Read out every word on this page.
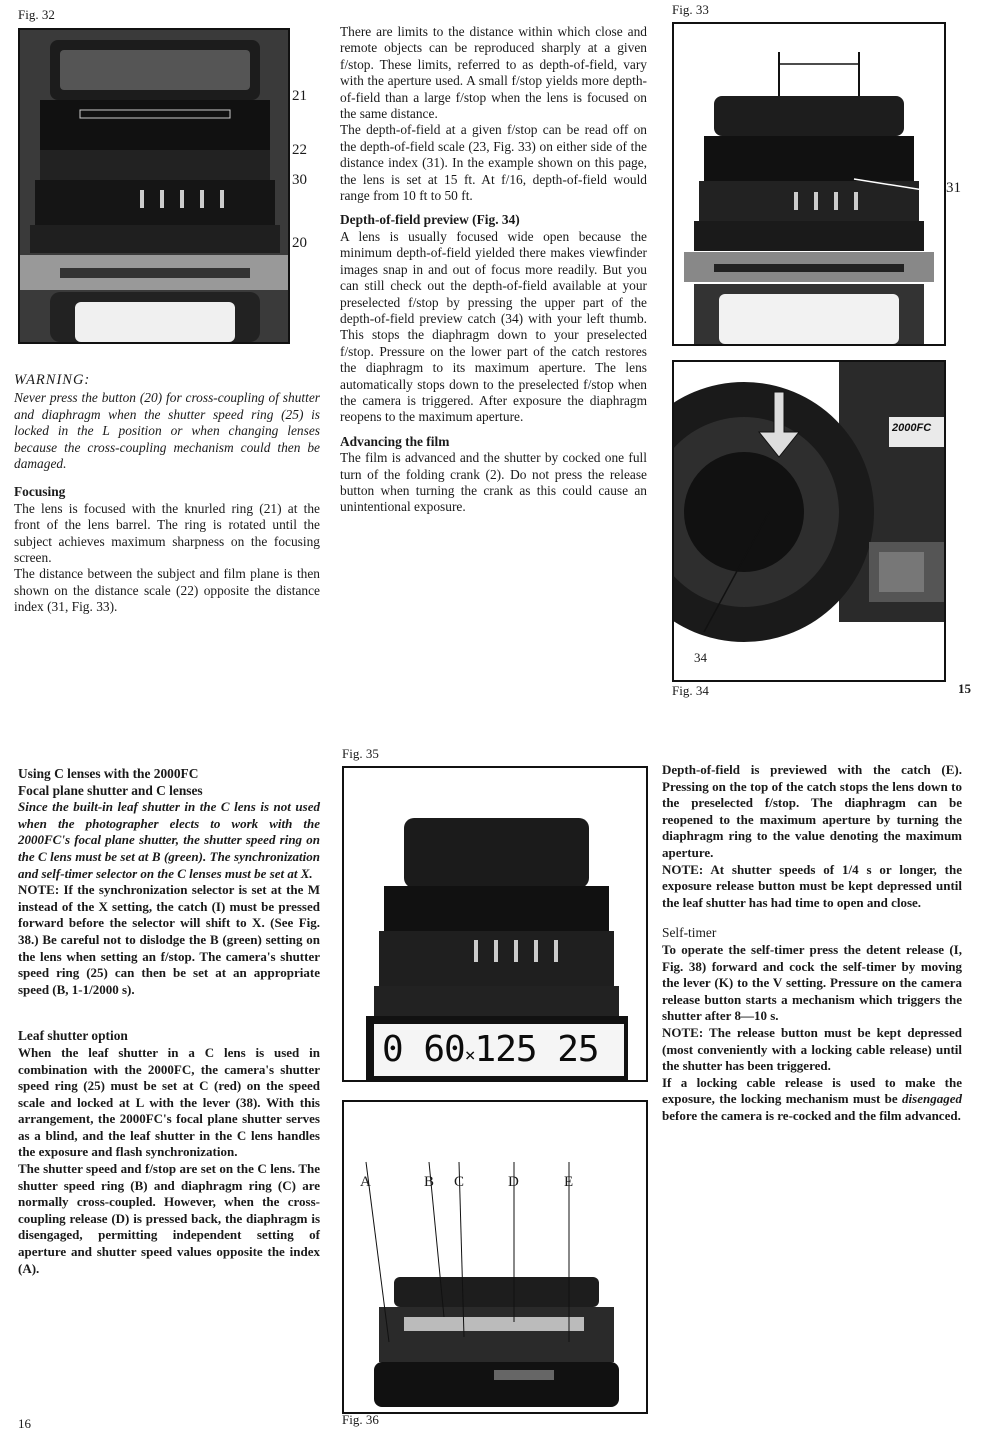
Fig. 32
21
22
30
20
WARNING:

Never press the button (20) for cross-coupling of shutter and diaphragm when the shutter speed ring (25) is locked in the L position or when changing lenses because the cross-coupling mechanism could then be damaged.

Focusing

The lens is focused with the knurled ring (21) at the front of the lens barrel. The ring is rotated until the subject achieves maximum sharpness on the focusing screen.

The distance between the subject and film plane is then shown on the distance scale (22) opposite the distance index (31, Fig. 33).

There are limits to the distance within which close and remote objects can be reproduced sharply at a given f/stop. These limits, referred to as depth-of-field, vary with the aperture used. A small f/stop yields more depth-of-field than a large f/stop when the lens is focused on the same distance.

The depth-of-field at a given f/stop can be read off on the depth-of-field scale (23, Fig. 33) on either side of the distance index (31). In the example shown on this page, the lens is set at 15 ft. At f/16, depth-of-field would range from 10 ft to 50 ft.

Depth-of-field preview (Fig. 34)

A lens is usually focused wide open because the minimum depth-of-field yielded there makes viewfinder images snap in and out of focus more readily. But you can still check out the depth-of-field available at your preselected f/stop by pressing the upper part of the depth-of-field preview catch (34) with your left thumb. This stops the diaphragm down to your preselected f/stop. Pressure on the lower part of the catch restores the diaphragm to its maximum aperture. The lens automatically stops down to the preselected f/stop when the camera is triggered. After exposure the diaphragm reopens to the maximum aperture.

Advancing the film

The film is advanced and the shutter by cocked one full turn of the folding crank (2). Do not press the release button when turning the crank as this could cause an unintentional exposure.

Fig. 33
31
2000FC
34
Fig. 34	15
Using C lenses with the 2000FC
Focal plane shutter and C lenses

Since the built-in leaf shutter in the C lens is not used when the photographer elects to work with the 2000FC's focal plane shutter, the shutter speed ring on the C lens must be set at B (green). The synchronization and self-timer selector on the C lenses must be set at X.

NOTE: If the synchronization selector is set at the M instead of the X setting, the catch (I) must be pressed forward before the selector will shift to X. (See Fig. 38.) Be careful not to dislodge the B (green) setting on the lens when setting an f/stop. The camera's shutter speed ring (25) can then be set at an appropriate speed (B, 1-1/2000 s).

Leaf shutter option

When the leaf shutter in a C lens is used in combination with the 2000FC, the camera's shutter speed ring (25) must be set at C (red) on the speed scale and locked at L with the lever (38). With this arrangement, the 2000FC's focal plane shutter serves as a blind, and the leaf shutter in the C lens handles the exposure and flash synchronization.

The shutter speed and f/stop are set on the C lens. The shutter speed ring (B) and diaphragm ring (C) are normally cross-coupled. However, when the cross-coupling release (D) is pressed back, the diaphragm is disengaged, permitting independent setting of aperture and shutter speed values opposite the index (A).

16
Fig. 35
0 60×125 25
A	B C	D	E
Fig. 36

Depth-of-field is previewed with the catch (E). Pressing on the top of the catch stops the lens down to the preselected f/stop. The diaphragm can be reopened to the maximum aperture by turning the diaphragm ring to the value denoting the maximum aperture.

NOTE: At shutter speeds of 1/4 s or longer, the exposure release button must be kept depressed until the leaf shutter has had time to open and close.

Self-timer

To operate the self-timer press the detent release (I, Fig. 38) forward and cock the self-timer by moving the lever (K) to the V setting. Pressure on the camera release button starts a mechanism which triggers the shutter after 8—10 s.

NOTE: The release button must be kept depressed (most conveniently with a locking cable release) until the shutter has been triggered.

If a locking cable release is used to make the exposure, the locking mechanism must be disengaged before the camera is re-cocked and the film advanced.
